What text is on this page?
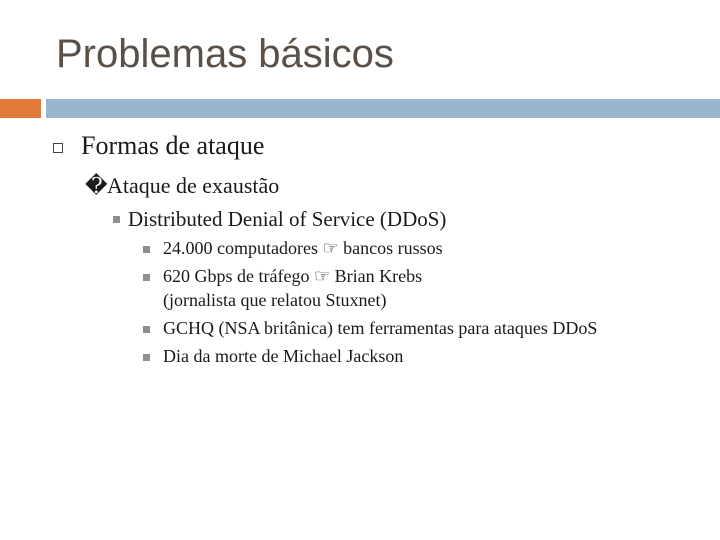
Problemas básicos
Formas de ataque
� Ataque de exaustão
Distributed Denial of Service (DDoS)
24.000 computadores ☞ bancos russos
620 Gbps de tráfego ☞ Brian Krebs
(jornalista que relatou Stuxnet)
GCHQ (NSA britânica) tem ferramentas para ataques DDoS
Dia da morte de Michael Jackson
